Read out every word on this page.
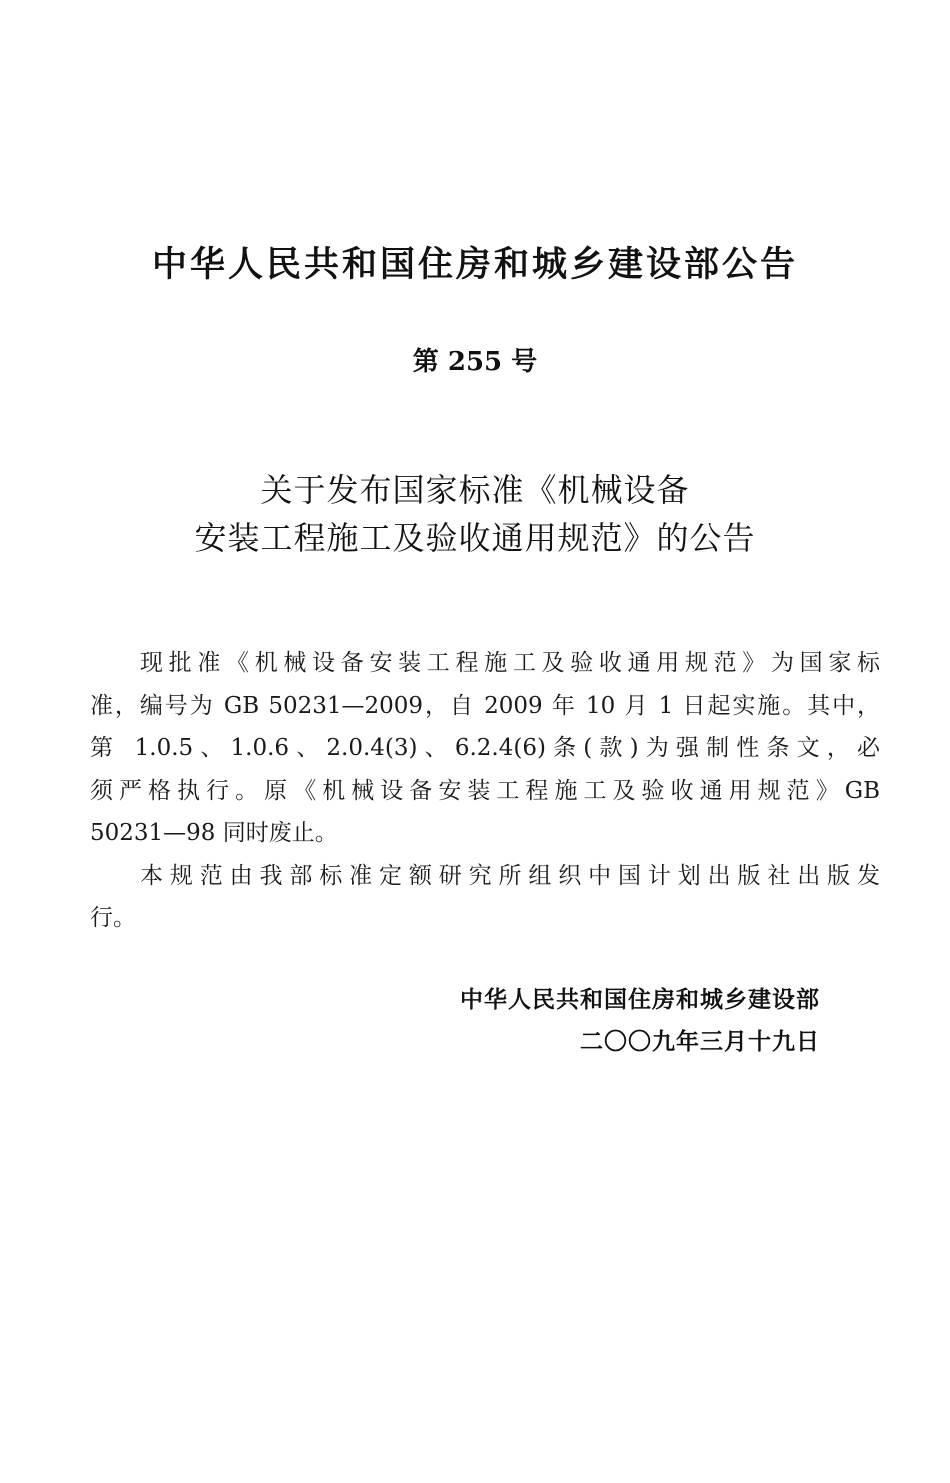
中华人民共和国住房和城乡建设部公告
第 255 号
关于发布国家标准《机械设备
安装工程施工及验收通用规范》的公告
现批准《机械设备安装工程施工及验收通用规范》为国家标
准，编号为 GB 50231—2009，自 2009 年 10 月 1 日起实施。其中，
第 1.0.5、1.0.6、2.0.4(3)、6.2.4(6)条(款)为强制性条文，必
须严格执行。原《机械设备安装工程施工及验收通用规范》GB
50231—98 同时废止。
本规范由我部标准定额研究所组织中国计划出版社出版发
行。
中华人民共和国住房和城乡建设部
二〇〇九年三月十九日
